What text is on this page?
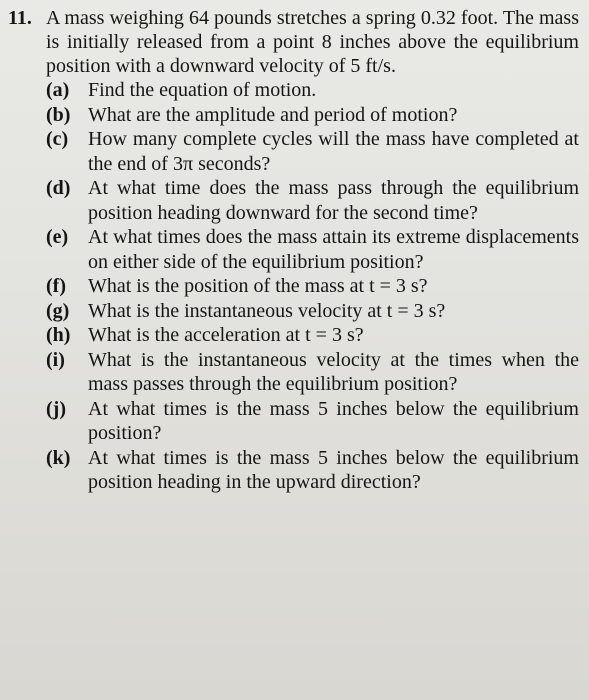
11. A mass weighing 64 pounds stretches a spring 0.32 foot. The mass is initially released from a point 8 inches above the equilibrium position with a downward velocity of 5 ft/s.
(a) Find the equation of motion.
(b) What are the amplitude and period of motion?
(c) How many complete cycles will the mass have completed at the end of 3π seconds?
(d) At what time does the mass pass through the equilibrium position heading downward for the second time?
(e) At what times does the mass attain its extreme displacements on either side of the equilibrium position?
(f) What is the position of the mass at t = 3 s?
(g) What is the instantaneous velocity at t = 3 s?
(h) What is the acceleration at t = 3 s?
(i) What is the instantaneous velocity at the times when the mass passes through the equilibrium position?
(j) At what times is the mass 5 inches below the equilibrium position?
(k) At what times is the mass 5 inches below the equilibrium position heading in the upward direction?
